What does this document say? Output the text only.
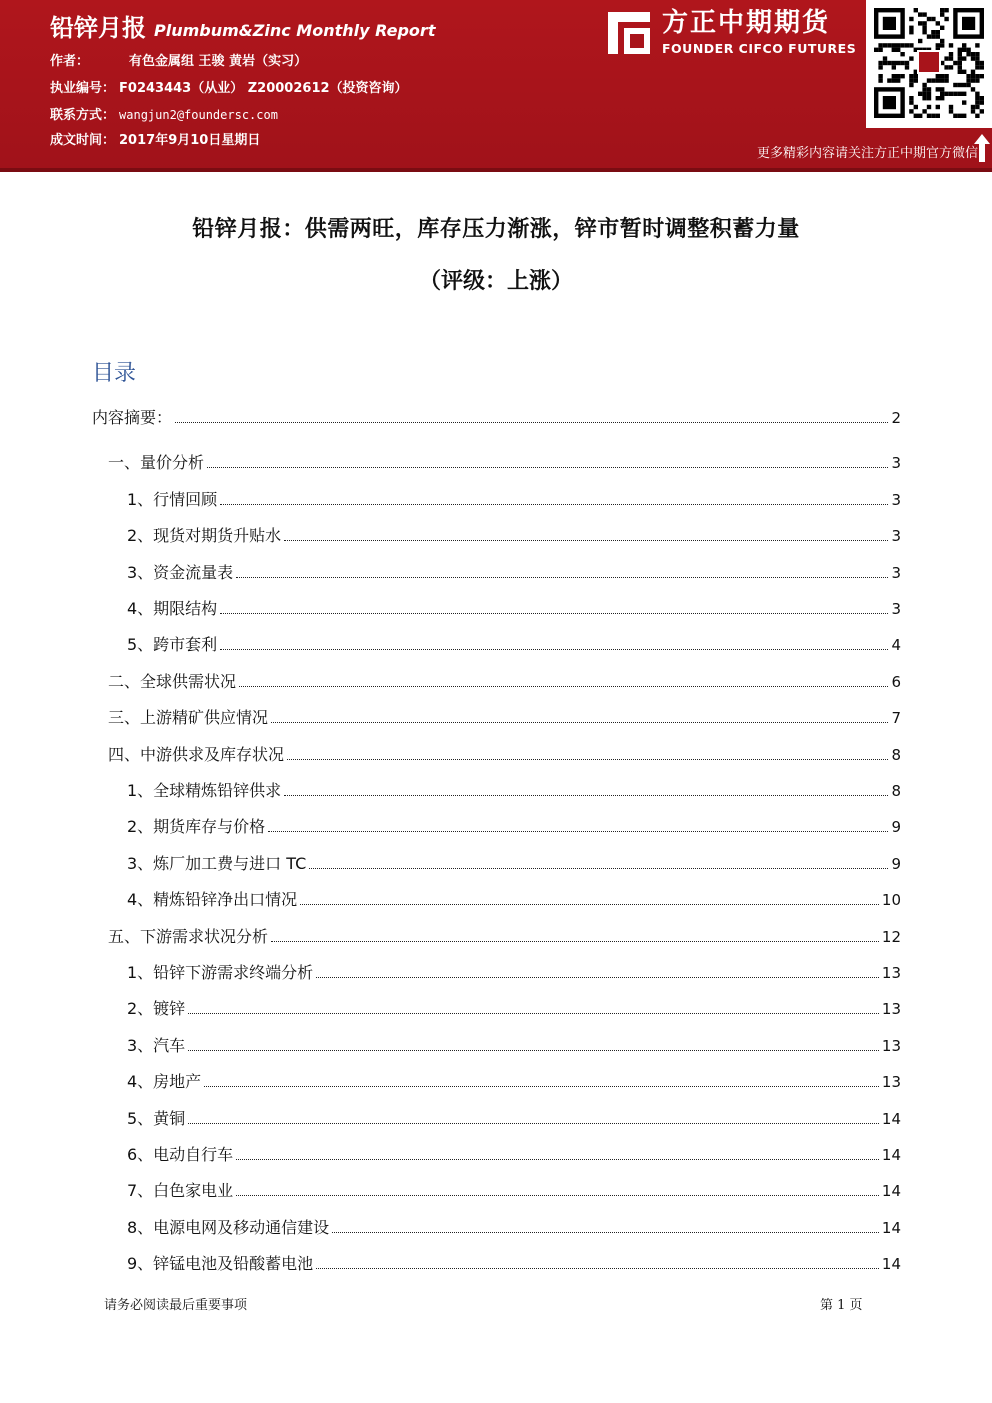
铅锌月报 Plumbum&Zinc Monthly Report
作者：	有色金属组 王骏 黄岩（实习）
执业编号： F0243443（从业） Z20002612（投资咨询）
联系方式： wangjun2@foundersc.com
成文时间： 2017年9月10日星期日
方正中期期货
FOUNDER CIFCO FUTURES
更多精彩内容请关注方正中期官方微信
铅锌月报：供需两旺，库存压力渐涨，锌市暂时调整积蓄力量
（评级：上涨）
目录
内容摘要：	2
一、量价分析	3
1、行情回顾	3
2、现货对期货升贴水	3
3、资金流量表	3
4、期限结构	3
5、跨市套利	4
二、全球供需状况	6
三、上游精矿供应情况	7
四、中游供求及库存状况	8
1、全球精炼铅锌供求	8
2、期货库存与价格	9
3、炼厂加工费与进口 TC	9
4、精炼铅锌净出口情况	10
五、下游需求状况分析	12
1、铅锌下游需求终端分析	13
2、镀锌	13
3、汽车	13
4、房地产	13
5、黄铜	14
6、电动自行车	14
7、白色家电业	14
8、电源电网及移动通信建设	14
9、锌锰电池及铅酸蓄电池	14
请务必阅读最后重要事项	第 1 页
